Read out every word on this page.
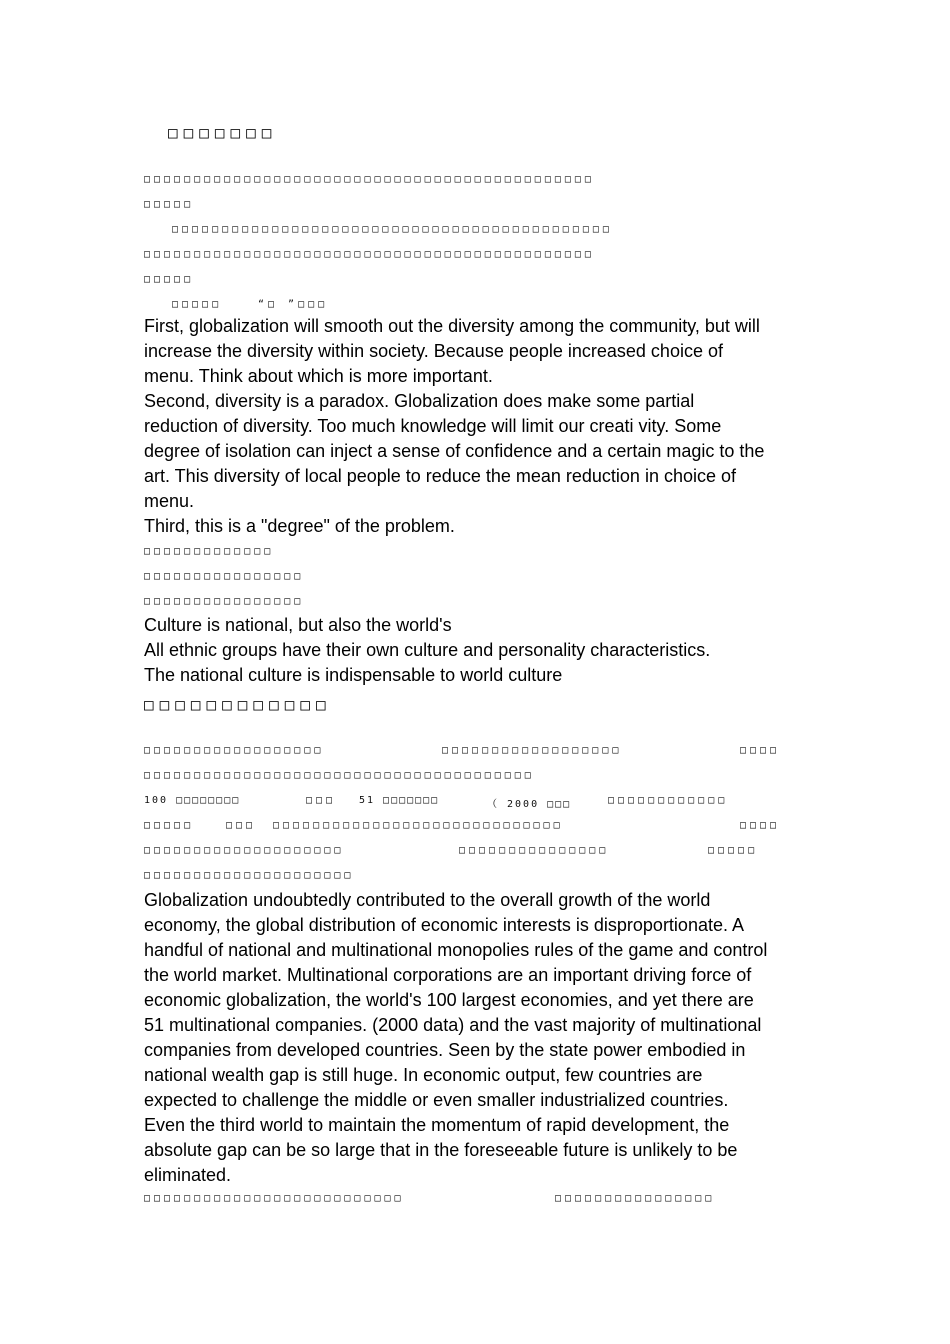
□□□□□□□
□□□□□□□□□□□□□□□□□□□□□□□□□□□□□□□□□□□□□□□□□□□□□
□□□□□
□□□□□□□□□□□□□□□□□□□□□□□□□□□□□□□□□□□□□□□□□□□□
□□□□□□□□□□□□□□□□□□□□□□□□□□□□□□□□□□□□□□□□□□□□□
□□□□□
□□□□□	“□ ”□□□
First, globalization will smooth out the diversity among the community, but will
increase the diversity within society. Because people increased choice of
menu. Think about which is more important.
Second, diversity is a paradox. Globalization does make some partial
reduction of diversity. Too much knowledge will limit our creati vity. Some
degree of isolation can inject a sense of confidence and a certain magic to the
art. This diversity of local people to reduce the mean reduction in choice of
menu.
Third, this is a "degree" of the problem.
□□□□□□□□□□□□□
□□□□□□□□□□□□□□□□
□□□□□□□□□□□□□□□□
Culture is national, but also the world's
All ethnic groups have their own culture and personality characteristics.
The national culture is indispensable to world culture
□□□□□□□□□□□□
□□□□□□□□□□□□□□□□□□	□□□□□□□□□□□□□□□□□□	□□□□
□□□□□□□□□□□□□□□□□□□□□□□□□□□□□□□□□□□□□□□
100 □□□□□□□□	□□□ 51 □□□□□□□	（ 2000 □□□	□□□□□□□□□□□□
□□□□□	□□□ □□□□□□□□□□□□□□□□□□□□□□□□□□□□□	□□□□
□□□□□□□□□□□□□□□□□□□□	□□□□□□□□□□□□□□□	□□□□□
□□□□□□□□□□□□□□□□□□□□□
Globalization undoubtedly contributed to the overall growth of the world
economy, the global distribution of economic interests is disproportionate. A
handful of national and multinational monopolies rules of the game and control
the world market. Multinational corporations are an important driving force of
economic globalization, the world's 100 largest economies, and yet there are
51 multinational companies. (2000 data) and the vast majority of multinational
companies from developed countries. Seen by the state power embodied in
national wealth gap is still huge. In economic output, few countries are
expected to challenge the middle or even smaller industrialized countries.
Even the third world to maintain the momentum of rapid development, the
absolute gap can be so large that in the foreseeable future is unlikely to be
eliminated.
□□□□□□□□□□□□□□□□□□□□□□□□□□	□□□□□□□□□□□□□□□□
